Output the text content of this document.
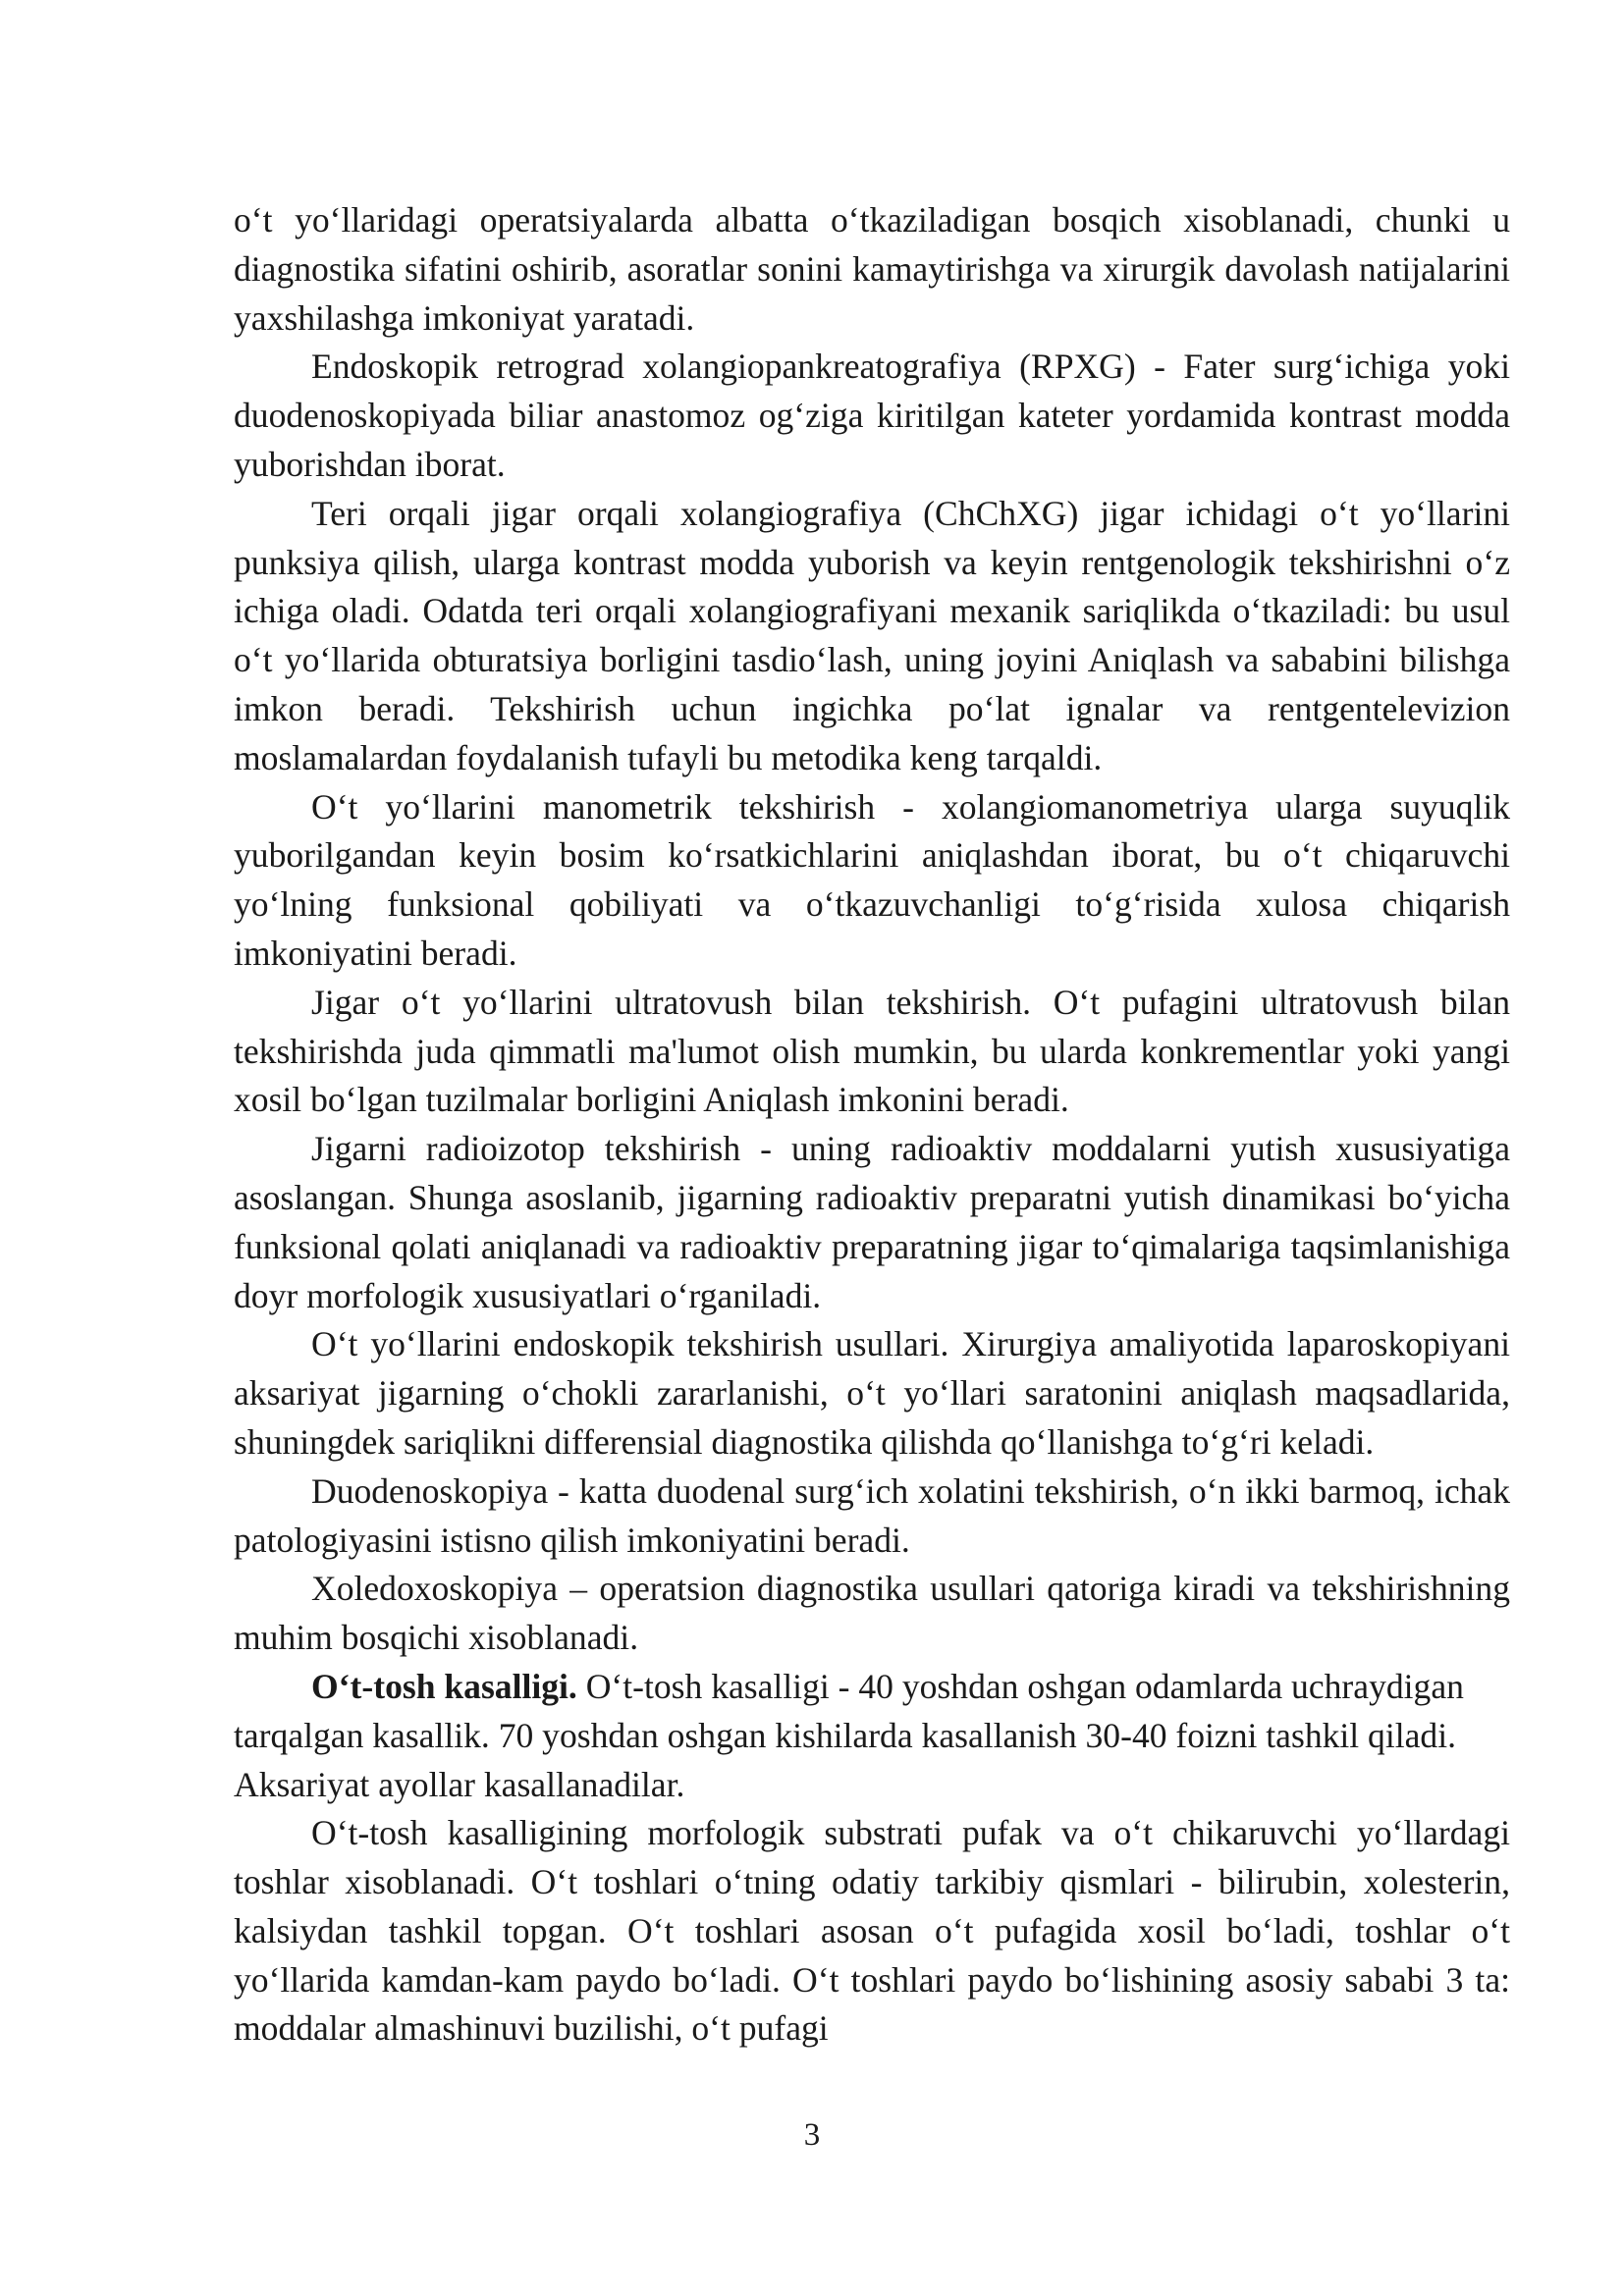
o‘t yo‘llaridagi operatsiyalarda albatta o‘tkaziladigan bosqich xisoblanadi, chunki u diagnostika sifatini oshirib, asoratlar sonini kamaytirishga va xirurgik davolash natijalarini yaxshilashga imkoniyat yaratadi.

Endoskopik retrograd xolangiopankreatografiya (RPXG) - Fater surg‘ichiga yoki duodenoskopiyada biliar anastomoz og‘ziga kiritilgan kateter yordamida kontrast modda yuborishdan iborat.

Teri orqali jigar orqali xolangiografiya (ChChXG) jigar ichidagi o‘t yo‘llarini punksiya qilish, ularga kontrast modda yuborish va keyin rentgenologik tekshirishni o‘z ichiga oladi. Odatda teri orqali xolangiografiyani mexanik sariqlikda o‘tkaziladi: bu usul o‘t yo‘llarida obturatsiya borligini tasdio‘lash, uning joyini Aniqlash va sababini bilishga imkon beradi. Tekshirish uchun ingichka po‘lat ignalar va rentgentelevizion moslamalardan foydalanish tufayli bu metodika keng tarqaldi.

O‘t yo‘llarini manometrik tekshirish - xolangiomanometriya ularga suyuqlik yuborilgandan keyin bosim ko‘rsatkichlarini aniqlashdan iborat, bu o‘t chiqaruvchi yo‘lning funksional qobiliyati va o‘tkazuvchanligi to‘g‘risida xulosa chiqarish imkoniyatini beradi.

Jigar o‘t yo‘llarini ultratovush bilan tekshirish. O‘t pufagini ultratovush bilan tekshirishda juda qimmatli ma'lumot olish mumkin, bu ularda konkrementlar yoki yangi xosil bo‘lgan tuzilmalar borligini Aniqlash imkonini beradi.

Jigarni radioizotop tekshirish - uning radioaktiv moddalarni yutish xususiyatiga asoslangan. Shunga asoslanib, jigarning radioaktiv preparatni yutish dinamikasi bo‘yicha funksional qolati aniqlanadi va radioaktiv preparatning jigar to‘qimalariga taqsimlanishiga doyr morfologik xususiyatlari o‘rganiladi.

O‘t yo‘llarini endoskopik tekshirish usullari. Xirurgiya amaliyotida laparoskopiyani aksariyat jigarning o‘chokli zararlanishi, o‘t yo‘llari saratonini aniqlash maqsadlarida, shuningdek sariqlikni differensial diagnostika qilishda qo‘llanishga to‘g‘ri keladi.

Duodenoskopiya - katta duodenal surg‘ich xolatini tekshirish, o‘n ikki barmoq, ichak patologiyasini istisno qilish imkoniyatini beradi.

Xoledoxoskopiya – operatsion diagnostika usullari qatoriga kiradi va tekshirishning muhim bosqichi xisoblanadi.

O‘t-tosh kasalligi. O‘t-tosh kasalligi - 40 yoshdan oshgan odamlarda uchraydigan tarqalgan kasallik. 70 yoshdan oshgan kishilarda kasallanish 30-40 foizni tashkil qiladi. Aksariyat ayollar kasallanadilar.

O‘t-tosh kasalligining morfologik substrati pufak va o‘t chikaruvchi yo‘llardagi toshlar xisoblanadi. O‘t toshlari o‘tning odatiy tarkibiy qismlari - bilirubin, xolesterin, kalsiydan tashkil topgan. O‘t toshlari asosan o‘t pufagida xosil bo‘ladi, toshlar o‘t yo‘llarida kamdan-kam paydo bo‘ladi. O‘t toshlari paydo bo‘lishining asosiy sababi 3 ta: moddalar almashinuvi buzilishi, o‘t pufagi

3
